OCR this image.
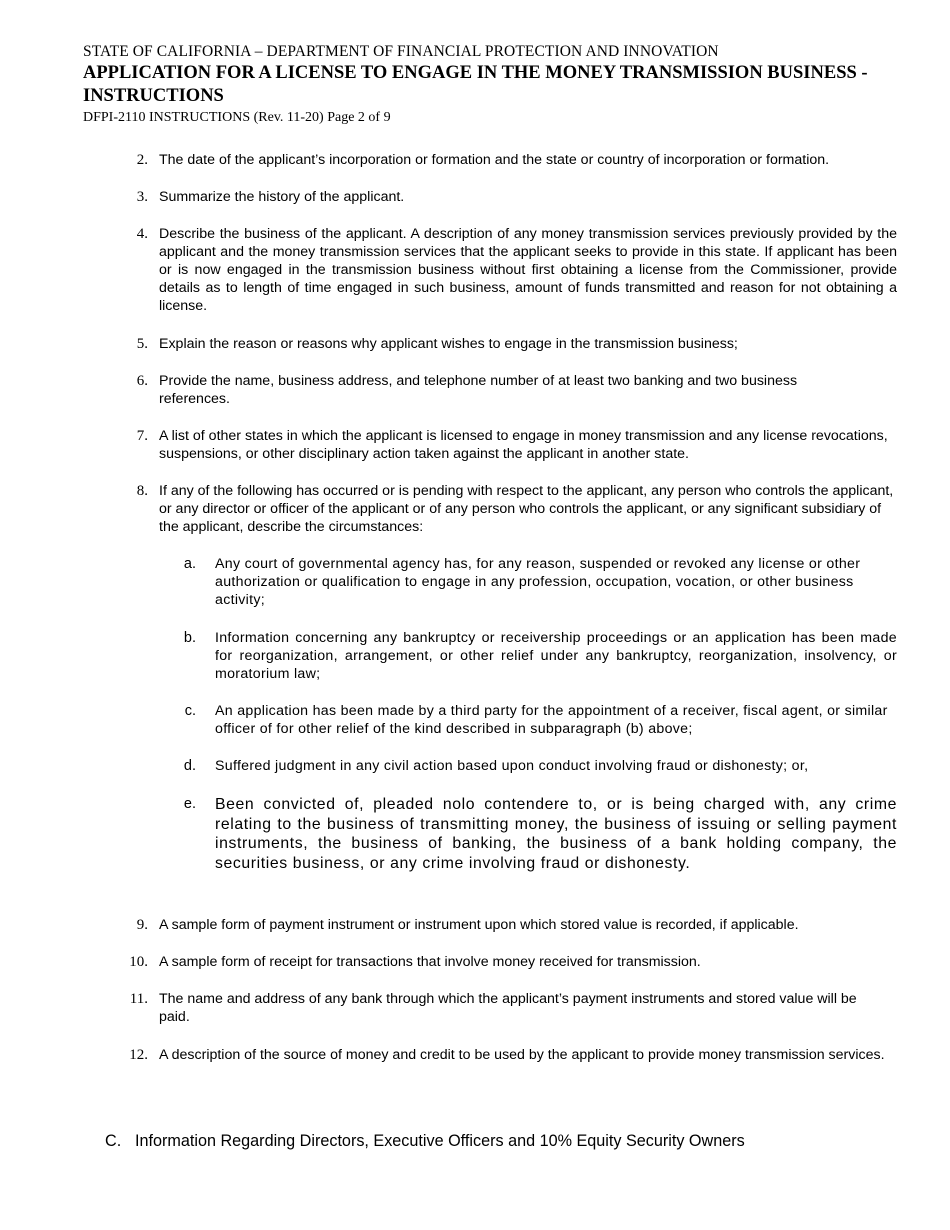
STATE OF CALIFORNIA – DEPARTMENT OF FINANCIAL PROTECTION AND INNOVATION
APPLICATION FOR A LICENSE TO ENGAGE IN THE MONEY TRANSMISSION BUSINESS - INSTRUCTIONS
DFPI-2110 INSTRUCTIONS (Rev. 11-20) Page 2 of 9
2. The date of the applicant’s incorporation or formation and the state or country of incorporation or formation.
3. Summarize the history of the applicant.
4. Describe the business of the applicant. A description of any money transmission services previously provided by the applicant and the money transmission services that the applicant seeks to provide in this state. If applicant has been or is now engaged in the transmission business without first obtaining a license from the Commissioner, provide details as to length of time engaged in such business, amount of funds transmitted and reason for not obtaining a license.
5. Explain the reason or reasons why applicant wishes to engage in the transmission business;
6. Provide the name, business address, and telephone number of at least two banking and two business references.
7. A list of other states in which the applicant is licensed to engage in money transmission and any license revocations, suspensions, or other disciplinary action taken against the applicant in another state.
8. If any of the following has occurred or is pending with respect to the applicant, any person who controls the applicant, or any director or officer of the applicant or of any person who controls the applicant, or any significant subsidiary of the applicant, describe the circumstances:
a. Any court of governmental agency has, for any reason, suspended or revoked any license or other authorization or qualification to engage in any profession, occupation, vocation, or other business activity;
b. Information concerning any bankruptcy or receivership proceedings or an application has been made for reorganization, arrangement, or other relief under any bankruptcy, reorganization, insolvency, or moratorium law;
c. An application has been made by a third party for the appointment of a receiver, fiscal agent, or similar officer of for other relief of the kind described in subparagraph (b) above;
d. Suffered judgment in any civil action based upon conduct involving fraud or dishonesty; or,
e. Been convicted of, pleaded nolo contendere to, or is being charged with, any crime relating to the business of transmitting money, the business of issuing or selling payment instruments, the business of banking, the business of a bank holding company, the securities business, or any crime involving fraud or dishonesty.
9. A sample form of payment instrument or instrument upon which stored value is recorded, if applicable.
10. A sample form of receipt for transactions that involve money received for transmission.
11. The name and address of any bank through which the applicant’s payment instruments and stored value will be paid.
12. A description of the source of money and credit to be used by the applicant to provide money transmission services.
C. Information Regarding Directors, Executive Officers and 10% Equity Security Owners
